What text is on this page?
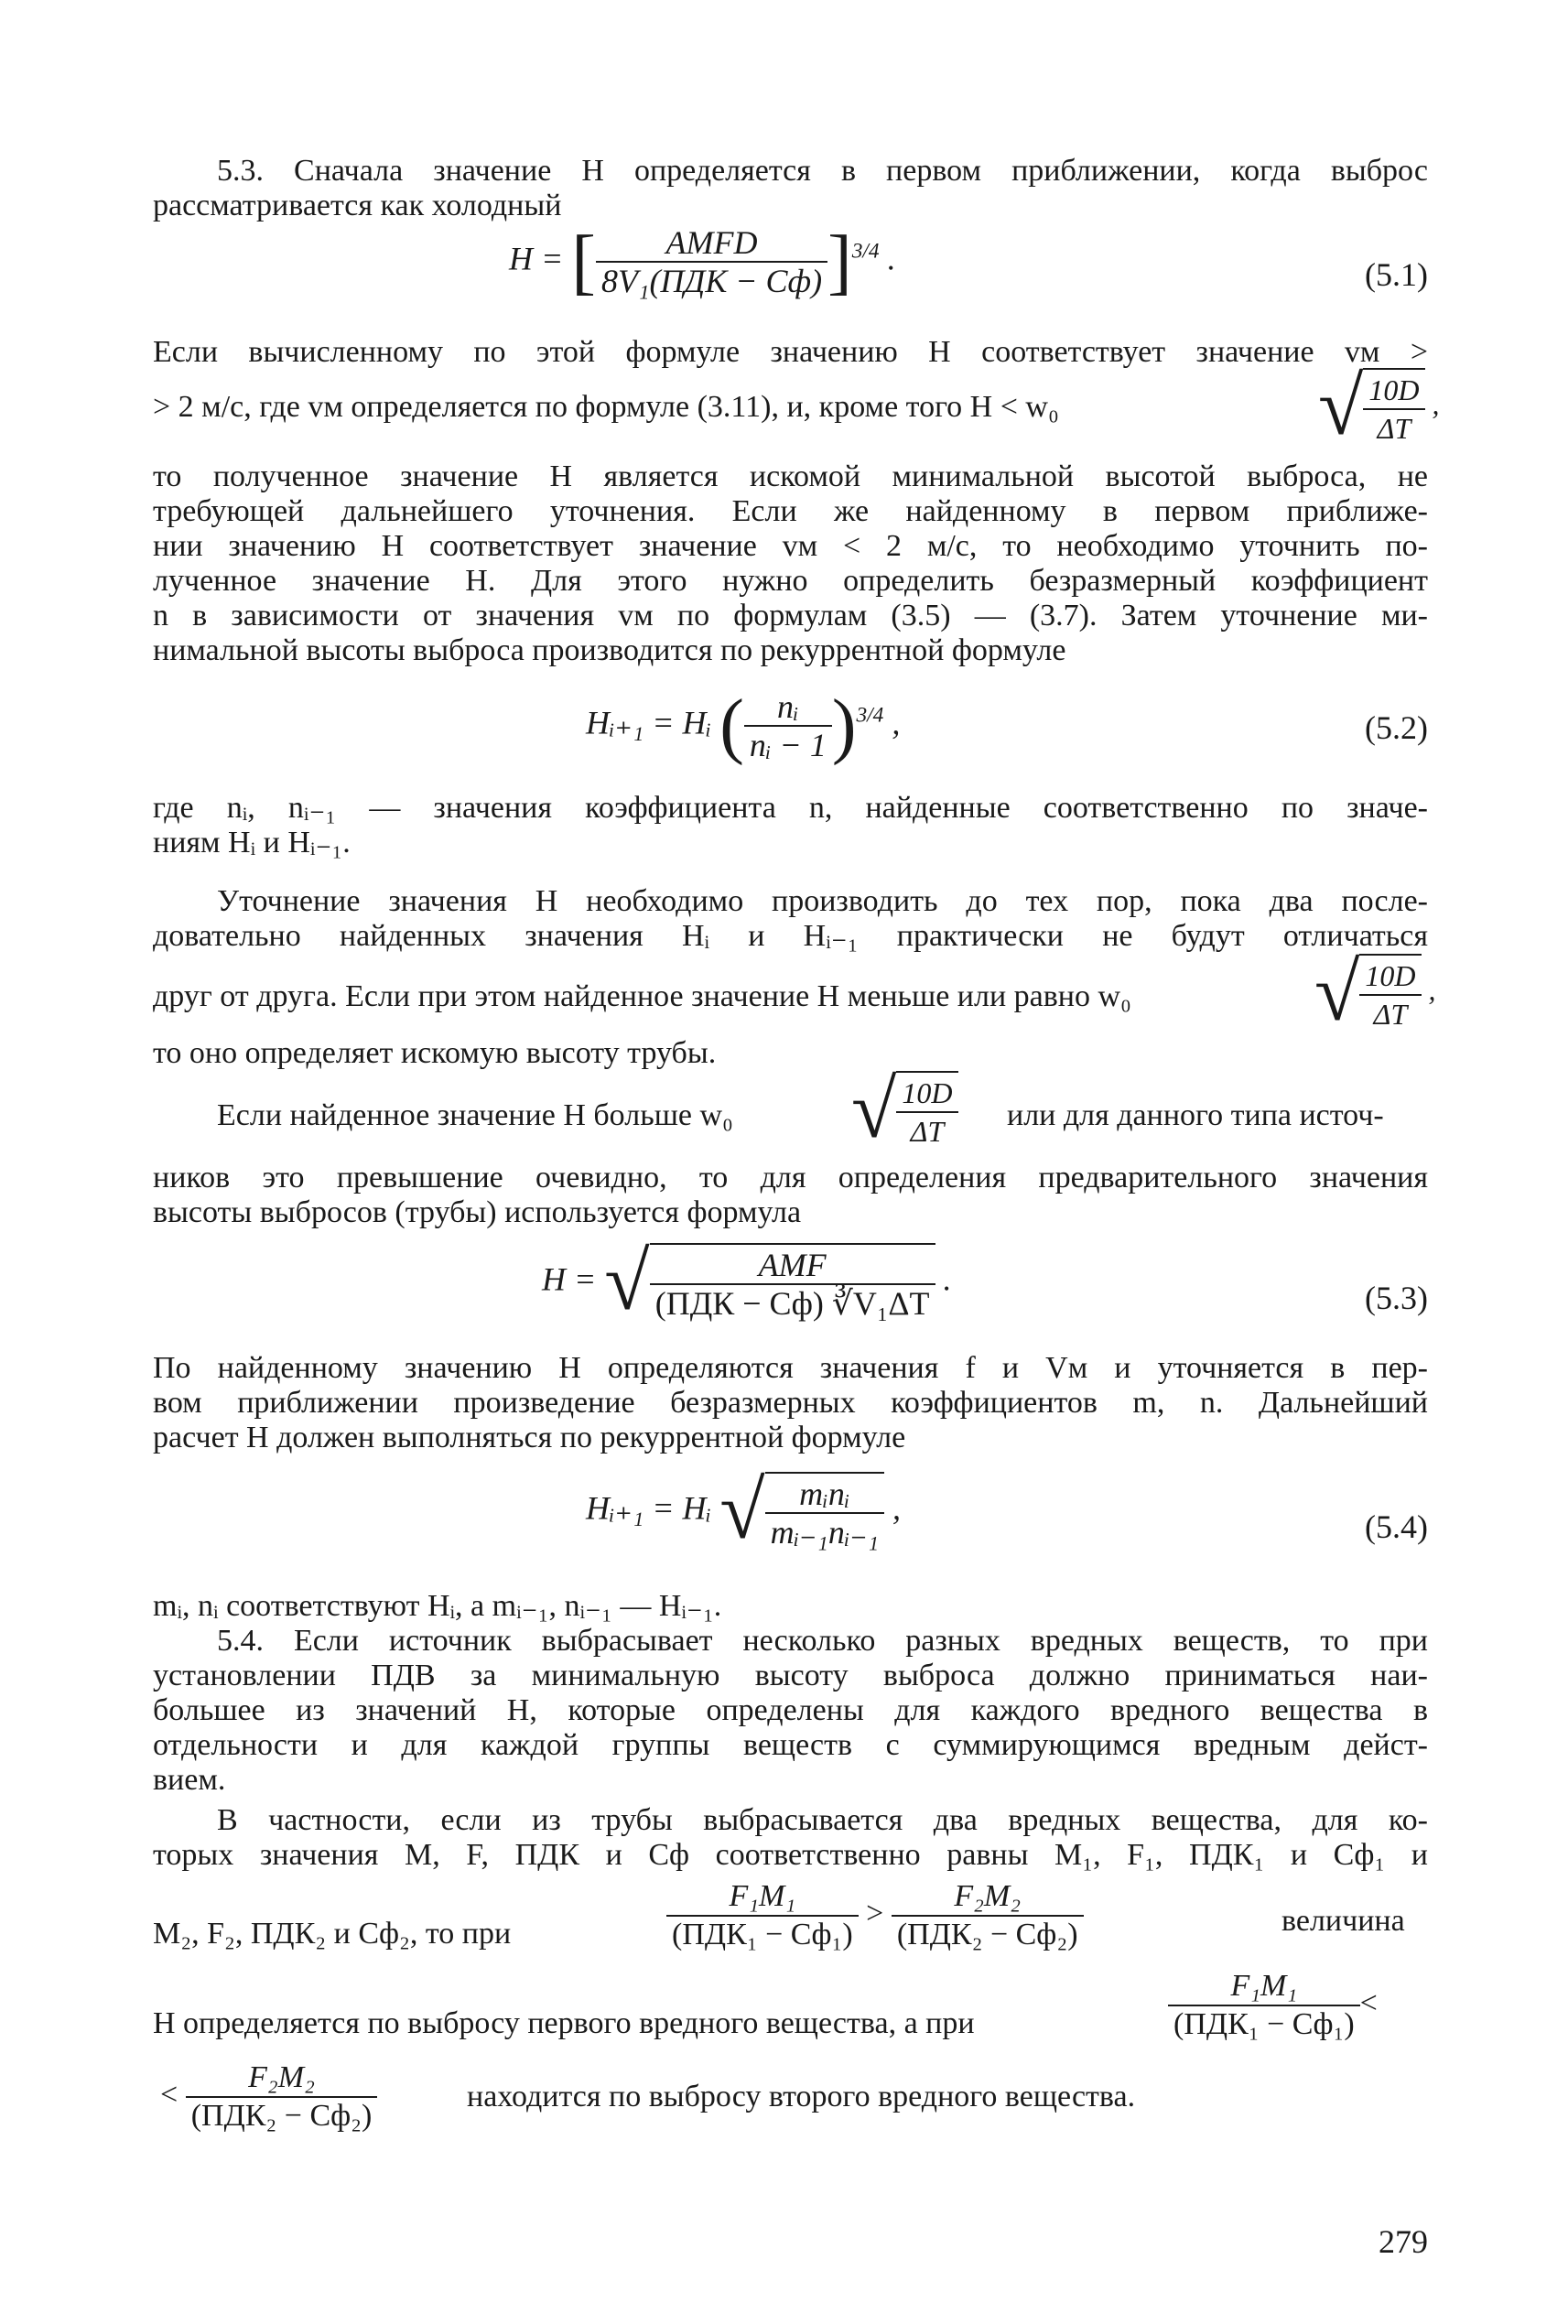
5.3. Сначала значение H определяется в первом приближении, когда выброс
рассматривается как холодный
H = [ $\frac{\text{AMFD}}{\text{8V₁(ПДК − Cф)}} ]^{3/4}$ .	(5.1)
Если вычисленному по этой формуле значению H соответствует значение vм >
> 2 м/с, где vм определяется по формуле (3.11), и, кроме того H < w₀	√ $\frac{10D}{\Delta T}$ ,
то полученное значение H является искомой минимальной высотой выброса, не
требующей дальнейшего уточнения. Если же найденному в первом приближе-
нии значению H соответствует значение vм < 2 м/с, то необходимо уточнить по-
лученное значение H. Для этого нужно определить безразмерный коэффициент
n в зависимости от значения vм по формулам (3.5) — (3.7). Затем уточнение ми-
нимальной высоты выброса производится по рекуррентной формуле
Hᵢ₊₁ = Hᵢ ( $\frac{\text{nᵢ}}{\text{nᵢ − 1}} )^{3/4}$ ,	(5.2)
где nᵢ, nᵢ₋₁ — значения коэффициента n, найденные соответственно по значе-
ниям Hᵢ и Hᵢ₋₁.
Уточнение значения H необходимо производить до тех пор, пока два после-
довательно найденных значения Hᵢ и Hᵢ₋₁ практически не будут отличаться
друг от друга. Если при этом найденное значение H меньше или равно w₀	√ $\frac{10D}{\Delta T}$ ,
то оно определяет искомую высоту трубы.
Если найденное значение H больше w₀	√ $\frac{10D}{\Delta T}$ или для данного типа источ-
ников это превышение очевидно, то для определения предварительного значения
высоты выбросов (трубы) используется формула
H = √ $\frac{\text{AMF}}{\text{(ПДК − Cф) ∛V₁ΔT}}$ .
(5.3)
По найденному значению H определяются значения f и Vм и уточняется в пер-
вом приближении произведение безразмерных коэффициентов m, n. Дальнейший
расчет H должен выполняться по рекуррентной формуле
Hᵢ₊₁ = Hᵢ √ $\frac{\text{mᵢnᵢ}}{\text{mᵢ₋₁nᵢ₋₁}}$ ,
(5.4)
mᵢ, nᵢ соответствуют Hᵢ, а mᵢ₋₁, nᵢ₋₁ — Hᵢ₋₁.
5.4. Если источник выбрасывает несколько разных вредных веществ, то при
установлении ПДВ за минимальную высоту выброса должно приниматься наи-
большее из значений H, которые определены для каждого вредного вещества в
отдельности и для каждой группы веществ с суммирующимся вредным дейст-
вием.
В частности, если из трубы выбрасывается два вредных вещества, для ко-
торых значения M, F, ПДК и Cф соответственно равны M₁, F₁, ПДК₁ и Cф₁ и
M₂, F₂, ПДК₂ и Cф₂, то при	$\frac{\text{F₁M₁}}{\text{(ПДК₁ − Cф₁)}} > \frac{\text{F₂M₂}}{\text{(ПДК₂ − Cф₂)}}$	величина
H определяется по выбросу первого вредного вещества, а при	$\frac{\text{F₁M₁}}{\text{(ПДК₁ − Cф₁)}}$ <
< $\frac{\text{F₂M₂}}{\text{(ПДК₂ − Cф₂)}}$	находится по выбросу второго вредного вещества.
279
